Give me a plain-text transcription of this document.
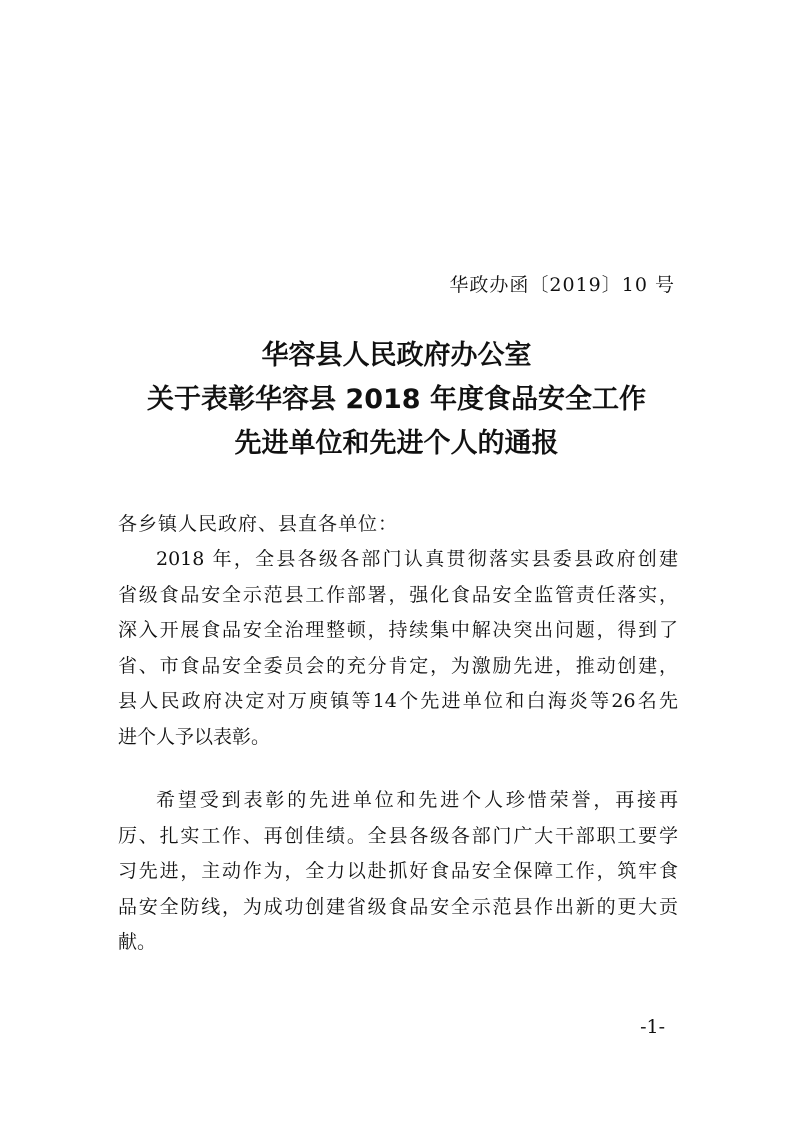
华政办函〔2019〕10 号
华容县人民政府办公室
关于表彰华容县 2018 年度食品安全工作
先进单位和先进个人的通报
各乡镇人民政府、县直各单位：

2018 年，全县各级各部门认真贯彻落实县委县政府创建
省级食品安全示范县工作部署，强化食品安全监管责任落实，
深入开展食品安全治理整顿，持续集中解决突出问题，得到了
省、市食品安全委员会的充分肯定，为激励先进，推动创建，
县人民政府决定对万庾镇等14个先进单位和白海炎等26名先
进个人予以表彰。

希望受到表彰的先进单位和先进个人珍惜荣誉，再接再
厉、扎实工作、再创佳绩。全县各级各部门广大干部职工要学
习先进，主动作为，全力以赴抓好食品安全保障工作，筑牢食
品安全防线，为成功创建省级食品安全示范县作出新的更大贡
献。

-1-
